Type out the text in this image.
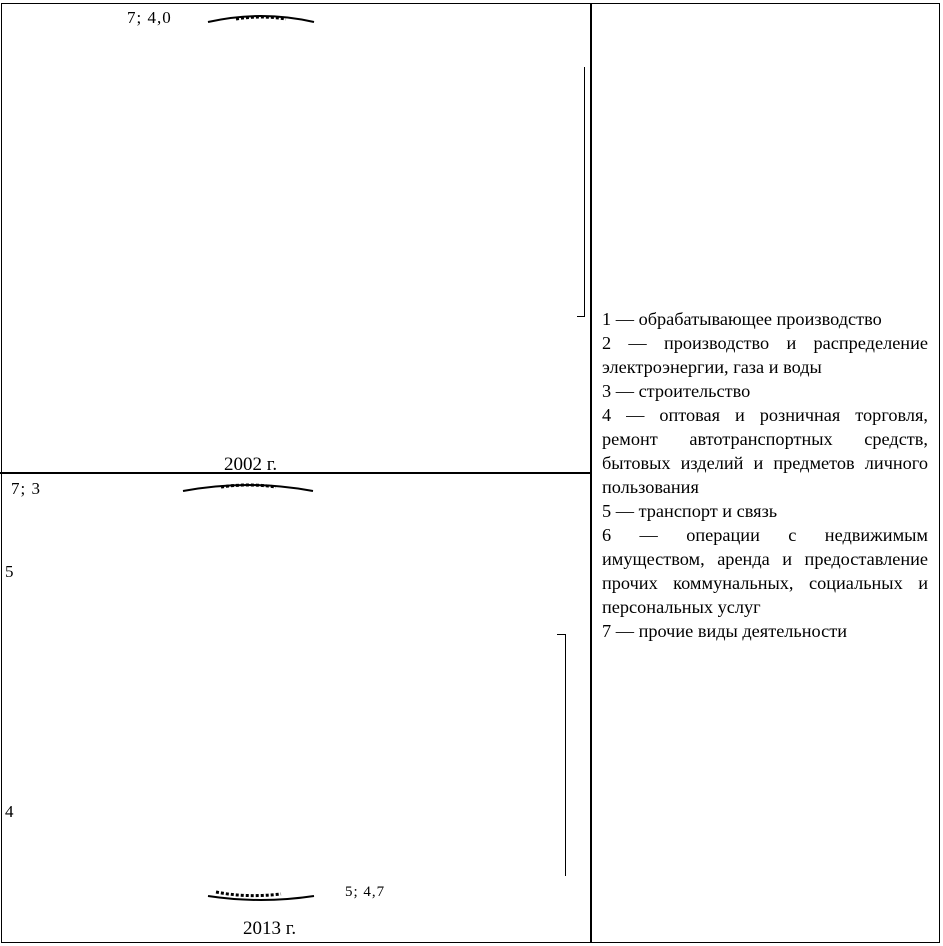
7; 4,0
2002 г.
7; 3
5
4
5; 4,7
2013 г.

1 — обрабатывающее производство

2 — производство и распределение электроэнергии, газа и воды

3 — строительство

4 — оптовая и розничная торговля, ремонт автотранспортных средств, бытовых изделий и предметов личного пользования

5 — транспорт и связь

6 — операции с недвижимым имуществом, аренда и предоставление прочих коммунальных, социальных и персональных услуг

7 — прочие виды деятельности
